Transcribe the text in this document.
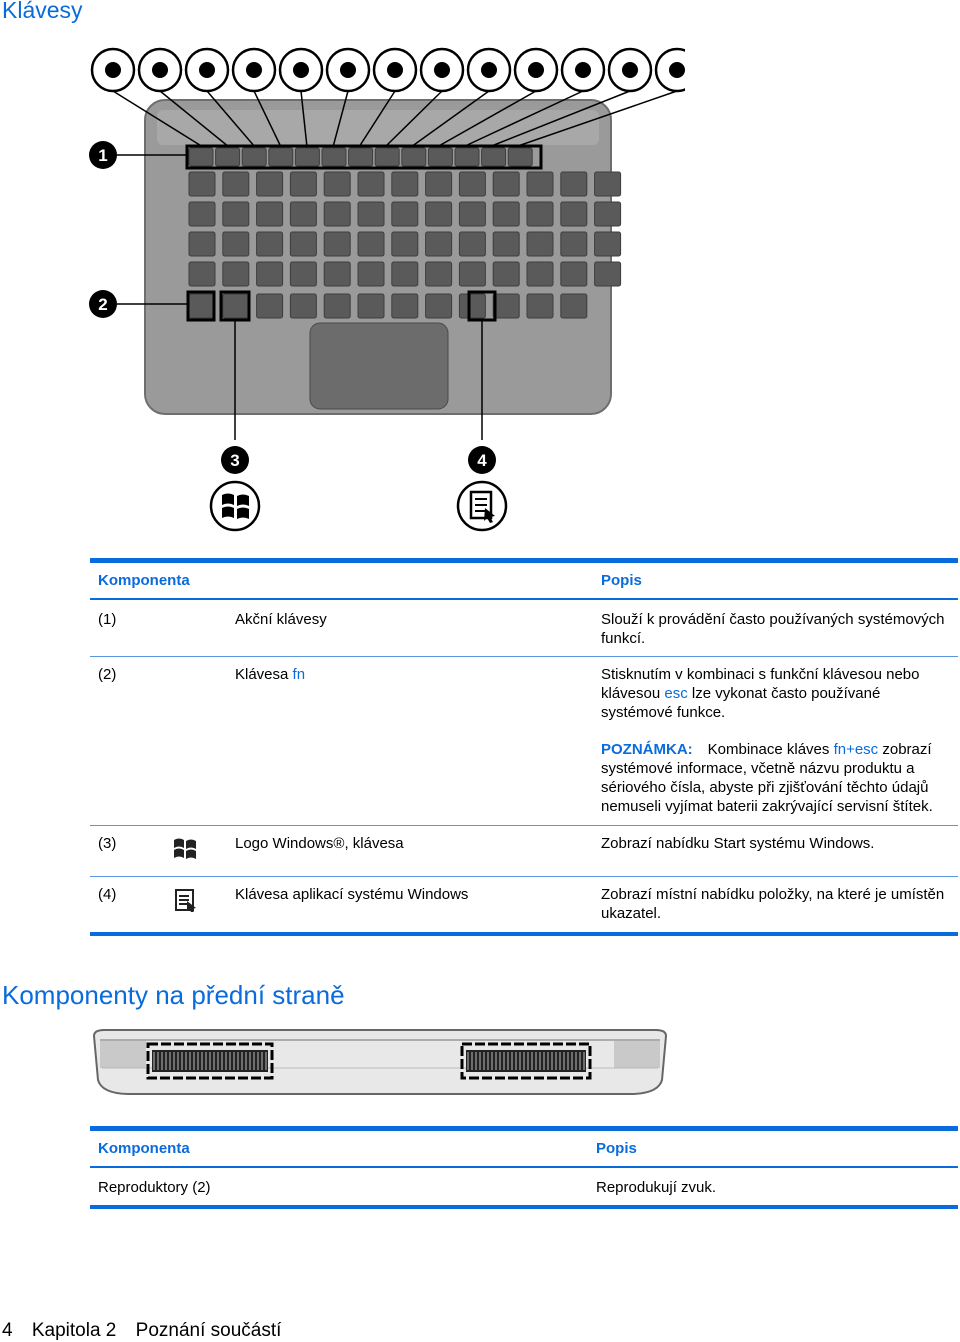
Klávesy
1
2
3	4
Komponenta	Popis
(1)	Akční klávesy	Slouží k provádění často používaných systémových funkcí.
(2)	Klávesa fn	Stisknutím v kombinaci s funkční klávesou nebo klávesou esc lze vykonat často používané systémové funkce.
POZNÁMKA: Kombinace kláves fn+esc zobrazí systémové informace, včetně názvu produktu a sériového čísla, abyste při zjišťování těchto údajů nemuseli vyjímat baterii zakrývající servisní štítek.
(3)	Logo Windows®, klávesa	Zobrazí nabídku Start systému Windows.
(4)	Klávesa aplikací systému Windows	Zobrazí místní nabídku položky, na které je umístěn ukazatel.
Komponenty na přední straně
Komponenta	Popis
Reproduktory (2)	Reprodukují zvuk.
4 Kapitola 2 Poznání součástí
